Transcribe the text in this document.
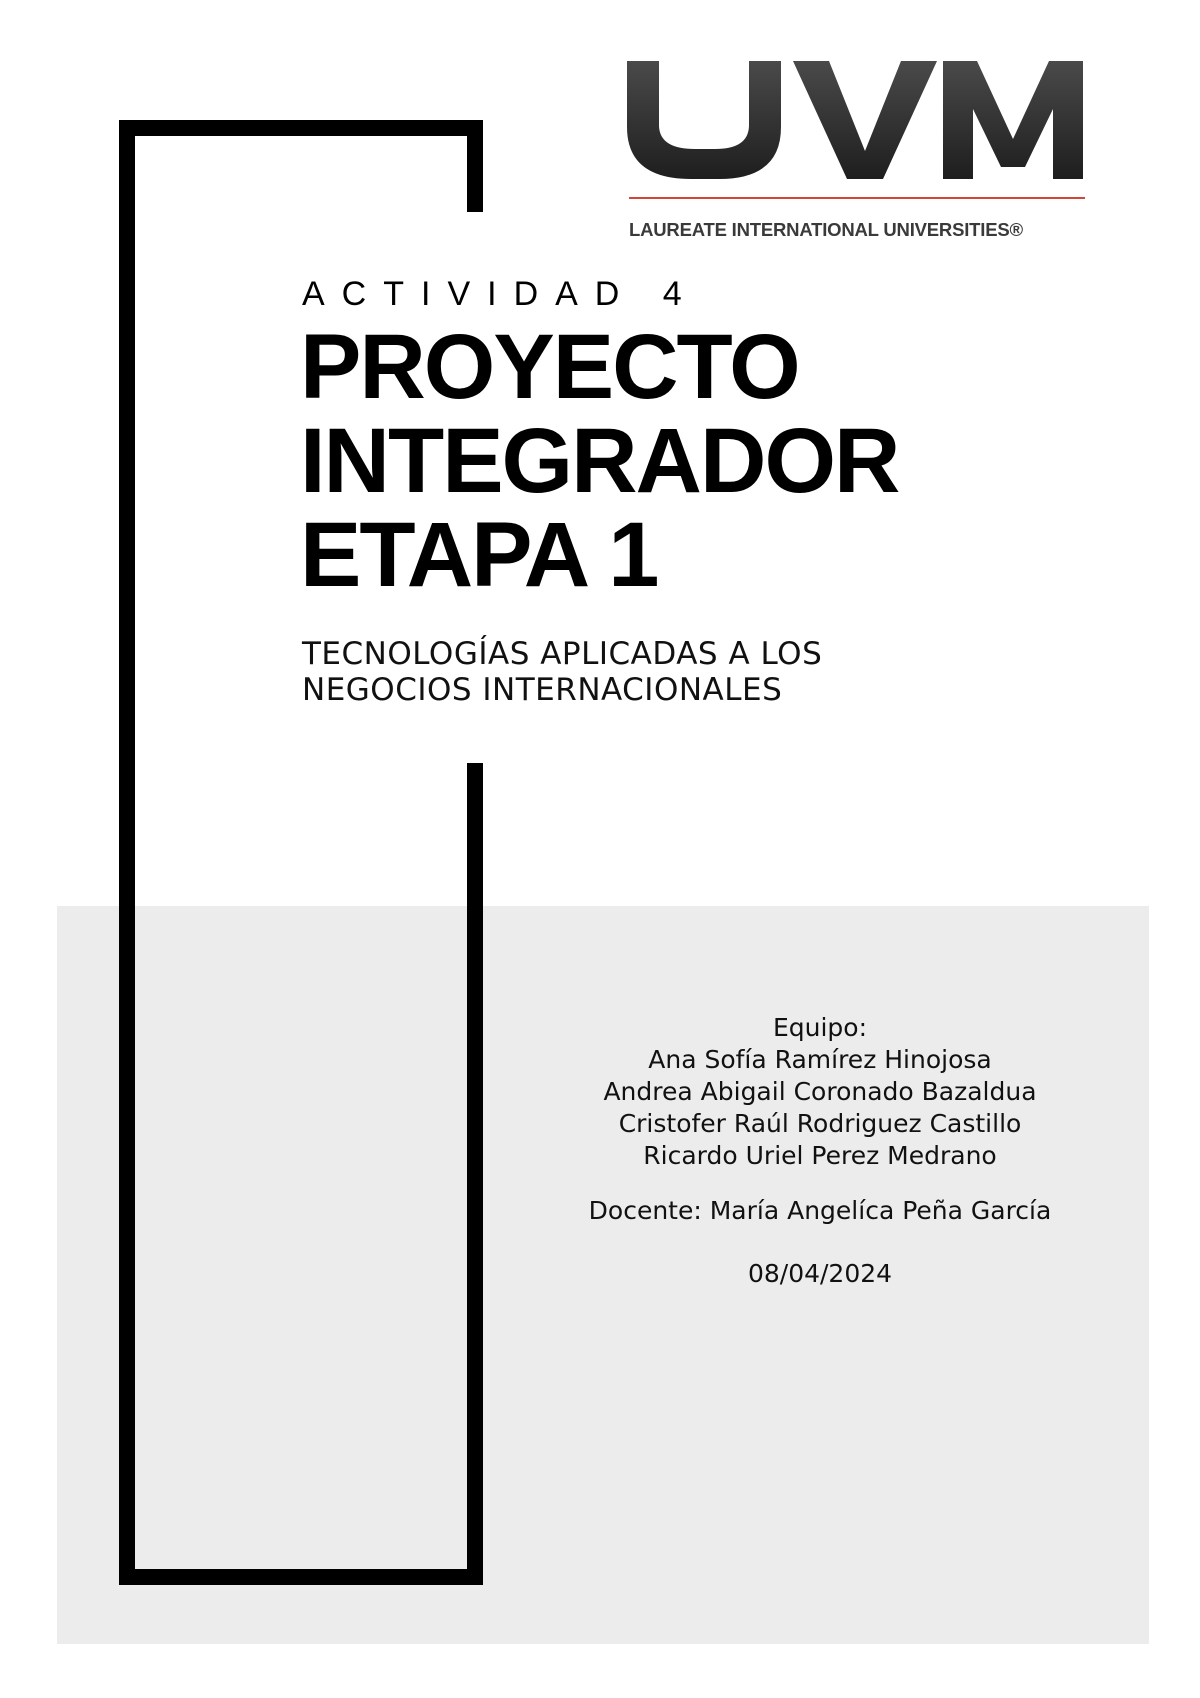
LAUREATE INTERNATIONAL UNIVERSITIES®
ACTIVIDAD 4
PROYECTO
INTEGRADOR
ETAPA 1
TECNOLOGÍAS APLICADAS A LOS
NEGOCIOS INTERNACIONALES
Equipo:
Ana Sofía Ramírez Hinojosa
Andrea Abigail Coronado Bazaldua
Cristofer Raúl Rodriguez Castillo
Ricardo Uriel Perez Medrano
Docente: María Angelíca Peña García
08/04/2024
